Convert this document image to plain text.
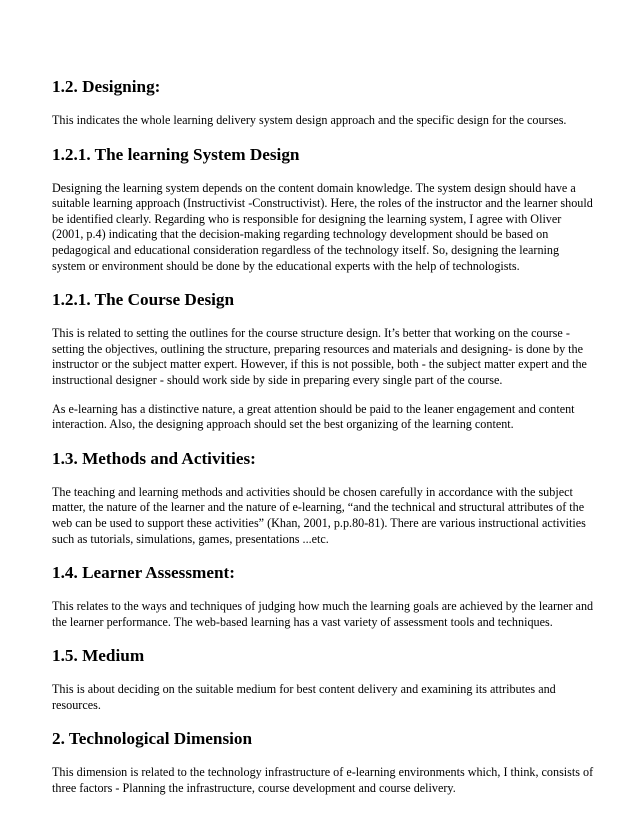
1.2. Designing:

This indicates the whole learning delivery system design approach and the specific design for the courses.

1.2.1. The learning System Design

Designing the learning system depends on the content domain knowledge. The system design should have a suitable learning approach (Instructivist -Constructivist). Here, the roles of the instructor and the learner should be identified clearly. Regarding who is responsible for designing the learning system, I agree with Oliver (2001, p.4) indicating that the decision-making regarding technology development should be based on pedagogical and educational consideration regardless of the technology itself. So, designing the learning system or environment should be done by the educational experts with the help of technologists.

1.2.1. The Course Design

This is related to setting the outlines for the course structure design. It’s better that working on the course - setting the objectives, outlining the structure, preparing resources and materials and designing- is done by the instructor or the subject matter expert. However, if this is not possible, both - the subject matter expert and the instructional designer - should work side by side in preparing every single part of the course.

As e-learning has a distinctive nature, a great attention should be paid to the leaner engagement and content interaction. Also, the designing approach should set the best organizing of the learning content.

1.3. Methods and Activities:

The teaching and learning methods and activities should be chosen carefully in accordance with the subject matter, the nature of the learner and the nature of e-learning, “and the technical and structural attributes of the web can be used to support these activities” (Khan, 2001, p.p.80-81). There are various instructional activities such as tutorials, simulations, games, presentations ...etc.

1.4. Learner Assessment:

This relates to the ways and techniques of judging how much the learning goals are achieved by the learner and the learner performance. The web-based learning has a vast variety of assessment tools and techniques.

1.5. Medium

This is about deciding on the suitable medium for best content delivery and examining its attributes and resources.

2. Technological Dimension

This dimension is related to the technology infrastructure of e-learning environments which, I think, consists of three factors - Planning the infrastructure, course development and course delivery.
